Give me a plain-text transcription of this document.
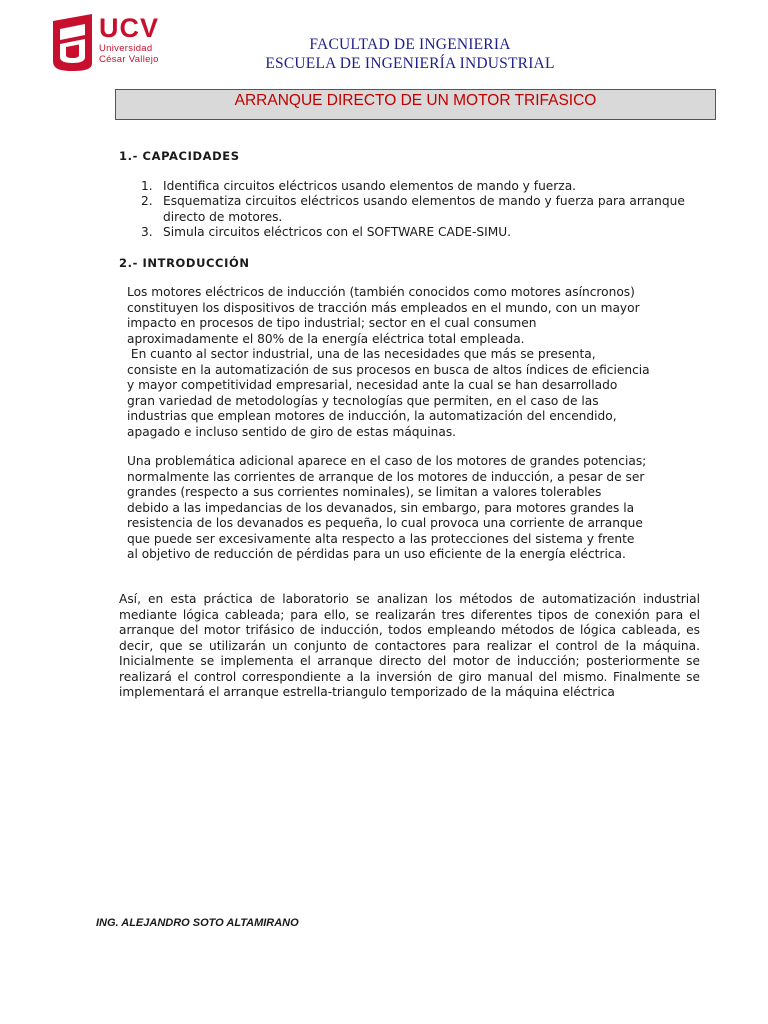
UCV
Universidad
César Vallejo
FACULTAD DE INGENIERIA
ESCUELA DE INGENIERÍA INDUSTRIAL
ARRANQUE DIRECTO DE UN MOTOR TRIFASICO
1.- CAPACIDADES
1. Identifica circuitos eléctricos usando elementos de mando y fuerza.
2. Esquematiza circuitos eléctricos usando elementos de mando y fuerza para arranque directo de motores.
3. Simula circuitos eléctricos con el SOFTWARE CADE-SIMU.
2.- INTRODUCCIÓN
Los motores eléctricos de inducción (también conocidos como motores asíncronos)
constituyen los dispositivos de tracción más empleados en el mundo, con un mayor
impacto en procesos de tipo industrial; sector en el cual consumen
aproximadamente el 80% de la energía eléctrica total empleada.
En cuanto al sector industrial, una de las necesidades que más se presenta,
consiste en la automatización de sus procesos en busca de altos índices de eficiencia
y mayor competitividad empresarial, necesidad ante la cual se han desarrollado
gran variedad de metodologías y tecnologías que permiten, en el caso de las
industrias que emplean motores de inducción, la automatización del encendido,
apagado e incluso sentido de giro de estas máquinas.
Una problemática adicional aparece en el caso de los motores de grandes potencias;
normalmente las corrientes de arranque de los motores de inducción, a pesar de ser
grandes (respecto a sus corrientes nominales), se limitan a valores tolerables
debido a las impedancias de los devanados, sin embargo, para motores grandes la
resistencia de los devanados es pequeña, lo cual provoca una corriente de arranque
que puede ser excesivamente alta respecto a las protecciones del sistema y frente
al objetivo de reducción de pérdidas para un uso eficiente de la energía eléctrica.

Así, en esta práctica de laboratorio se analizan los métodos de automatización industrial mediante lógica cableada; para ello, se realizarán tres diferentes tipos de conexión para el arranque del motor trifásico de inducción, todos empleando métodos de lógica cableada, es decir, que se utilizarán un conjunto de contactores para realizar el control de la máquina. Inicialmente se implementa el arranque directo del motor de inducción; posteriormente se realizará el control correspondiente a la inversión de giro manual del mismo. Finalmente se implementará el arranque estrella-triangulo temporizado de la máquina eléctrica

ING. ALEJANDRO SOTO ALTAMIRANO
